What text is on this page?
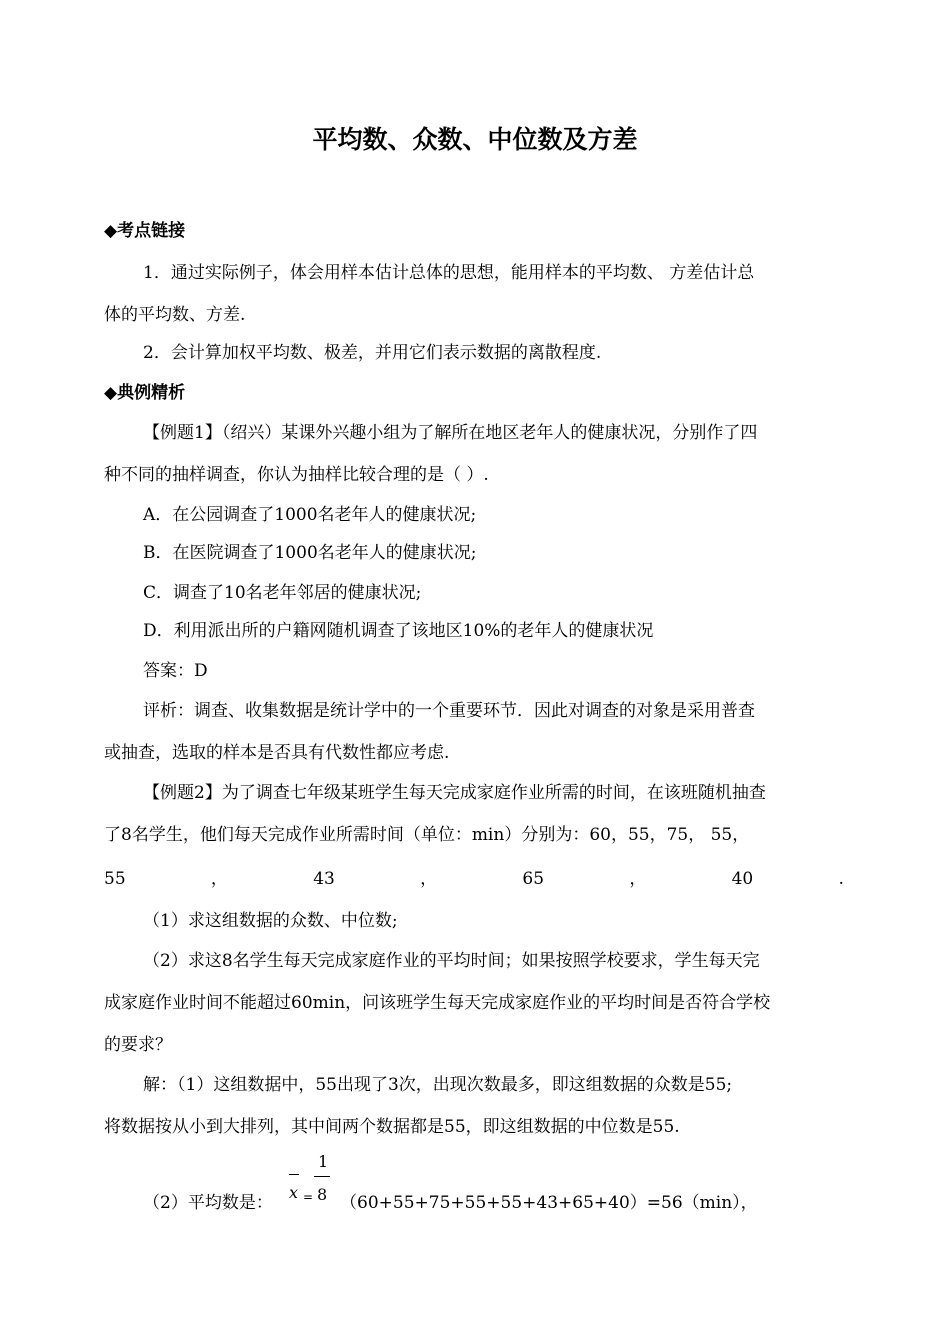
平均数、众数、中位数及方差
◆考点链接
1．通过实际例子，体会用样本估计总体的思想，能用样本的平均数、 方差估计总
体的平均数、方差.
2．会计算加权平均数、极差，并用它们表示数据的离散程度.
◆典例精析
【例题1】（绍兴）某课外兴趣小组为了解所在地区老年人的健康状况，分别作了四
种不同的抽样调查，你认为抽样比较合理的是（ ）.
A．在公园调查了1000名老年人的健康状况;
B．在医院调查了1000名老年人的健康状况;
C．调查了10名老年邻居的健康状况;
D．利用派出所的户籍网随机调查了该地区10%的老年人的健康状况
答案：D
评析：调查、收集数据是统计学中的一个重要环节．因此对调查的对象是采用普查
或抽查，选取的样本是否具有代数性都应考虑.
【例题2】为了调查七年级某班学生每天完成家庭作业所需的时间，在该班随机抽查
了8名学生，他们每天完成作业所需时间（单位：min）分别为：60，55，75， 55，
55	，	43	，	65	，	40	.
（1）求这组数据的众数、中位数;
（2）求这8名学生每天完成家庭作业的平均时间；如果按照学校要求，学生每天完
成家庭作业时间不能超过60min，问该班学生每天完成家庭作业的平均时间是否符合学校
的要求？
解：（1）这组数据中，55出现了3次，出现次数最多，即这组数据的众数是55;
将数据按从小到大排列，其中间两个数据都是55，即这组数据的中位数是55.
（2）平均数是：
x =
1
8 （60+55+75+55+55+43+65+40）=56（min），
